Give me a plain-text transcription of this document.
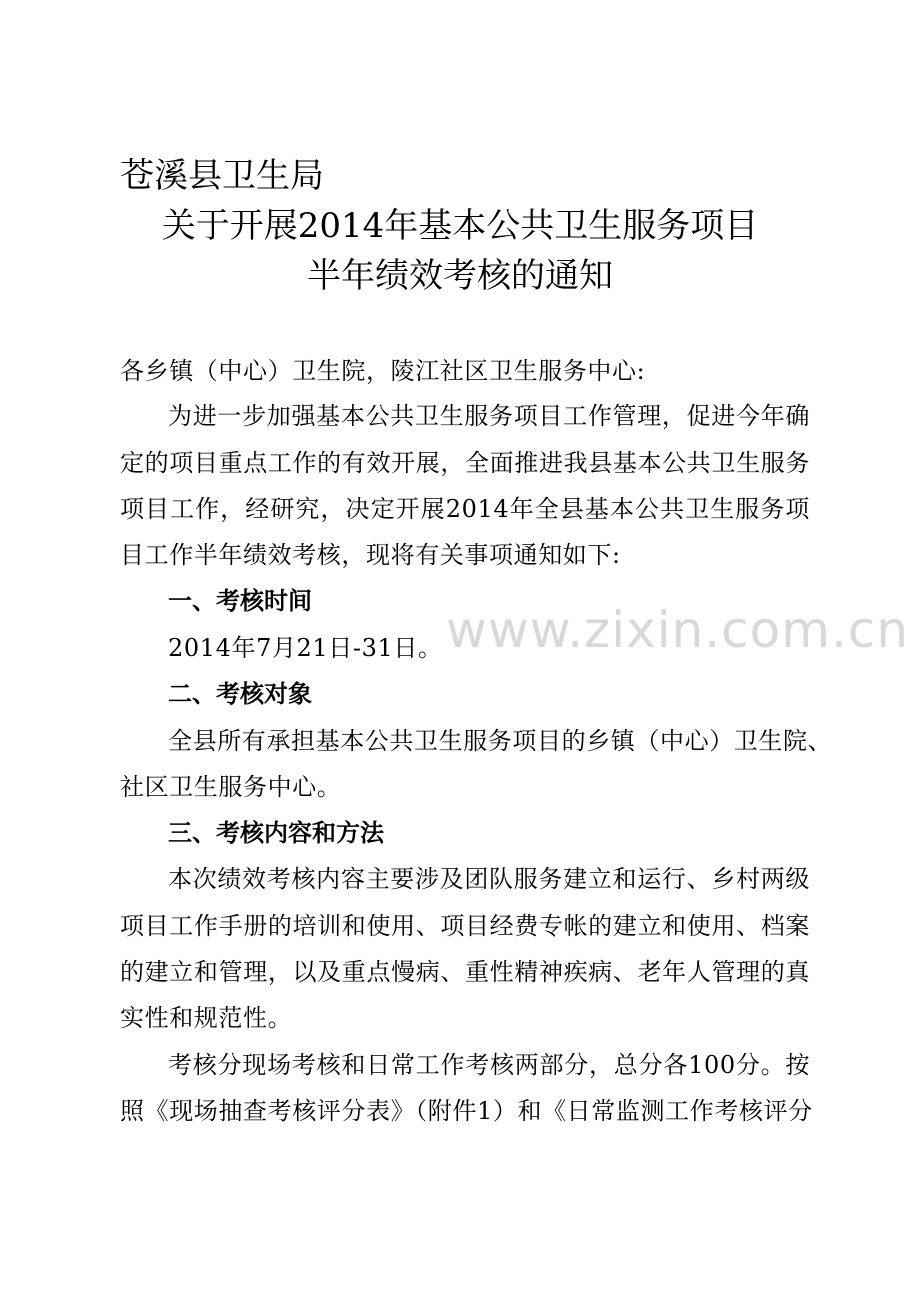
苍溪县卫生局
关于开展2014年基本公共卫生服务项目
半年绩效考核的通知
各乡镇（中心）卫生院，陵江社区卫生服务中心:
为进一步加强基本公共卫生服务项目工作管理，促进今年确
定的项目重点工作的有效开展，全面推进我县基本公共卫生服务
项目工作，经研究，决定开展2014年全县基本公共卫生服务项
目工作半年绩效考核，现将有关事项通知如下:
一、考核时间
2014年7月21日-31日。
二、考核对象
全县所有承担基本公共卫生服务项目的乡镇（中心）卫生院、
社区卫生服务中心。
三、考核内容和方法
本次绩效考核内容主要涉及团队服务建立和运行、乡村两级
项目工作手册的培训和使用、项目经费专帐的建立和使用、档案
的建立和管理，以及重点慢病、重性精神疾病、老年人管理的真
实性和规范性。
考核分现场考核和日常工作考核两部分，总分各100分。按
照《现场抽查考核评分表》（附件1）和《日常监测工作考核评分
www.zixin.com.cn
